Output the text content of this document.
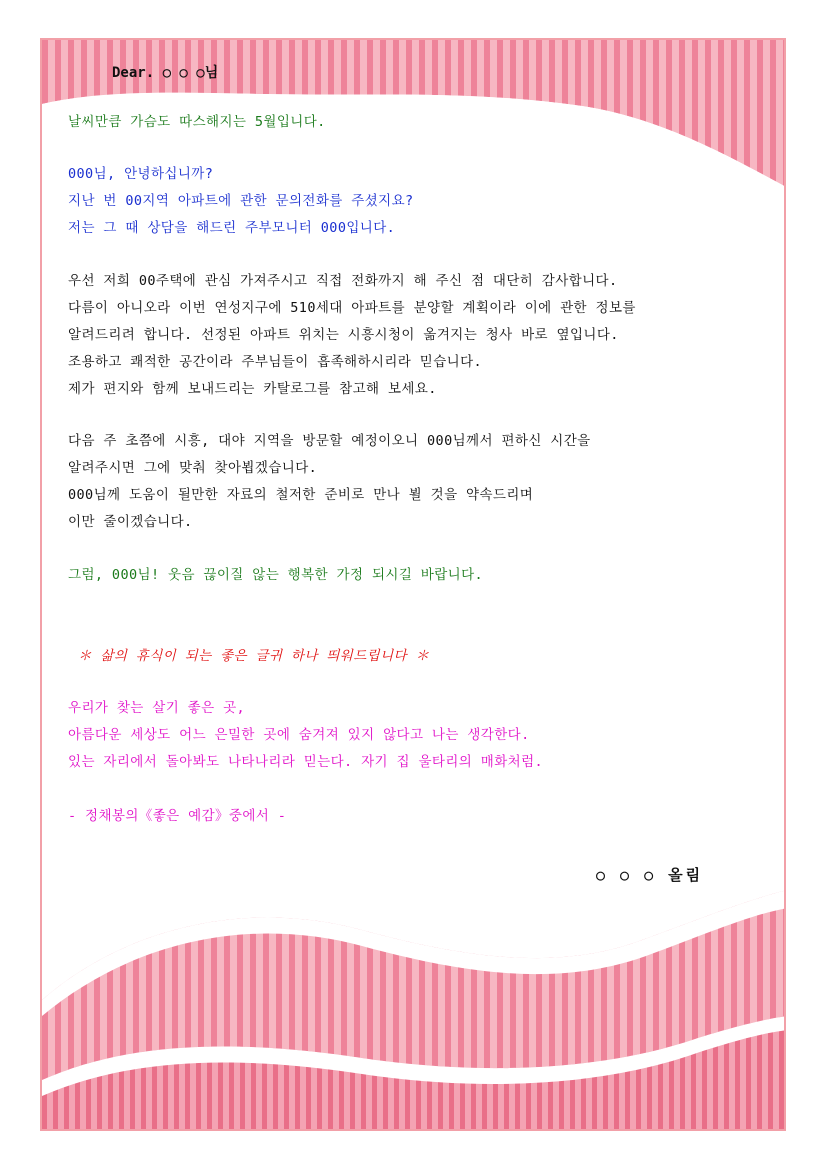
Dear. ○ ○ ○님
날씨만큼 가슴도 따스해지는 5월입니다.
000님, 안녕하십니까?
지난 번 00지역 아파트에 관한 문의전화를 주셨지요?
저는 그 때 상담을 해드린 주부모니터 000입니다.
우선 저희 00주택에 관심 가져주시고 직접 전화까지 해 주신 점 대단히 감사합니다.
다름이 아니오라 이번 연성지구에 510세대 아파트를 분양할 계획이라 이에 관한 정보를
알려드리려 합니다. 선정된 아파트 위치는 시흥시청이 옮겨지는 청사 바로 옆입니다.
조용하고 쾌적한 공간이라 주부님들이 흡족해하시리라 믿습니다.
제가 편지와 함께 보내드리는 카탈로그를 참고해 보세요.
다음 주 초쯤에 시흥, 대야 지역을 방문할 예정이오니 000님께서 편하신 시간을
알려주시면 그에 맞춰 찾아뵙겠습니다.
000님께 도움이 될만한 자료의 철저한 준비로 만나 뵐 것을 약속드리며
이만 줄이겠습니다.
그럼, 000님! 웃음 끊이질 않는 행복한 가정 되시길 바랍니다.
＊ 삶의 휴식이 되는 좋은 글귀 하나 띄워드립니다 ＊
우리가 찾는 살기 좋은 곳,
아름다운 세상도 어느 은밀한 곳에 숨겨져 있지 않다고 나는 생각한다.
있는 자리에서 돌아봐도 나타나리라 믿는다. 자기 집 울타리의 매화처럼.
- 정채봉의《좋은 예감》중에서 -
○ ○ ○ 올림
